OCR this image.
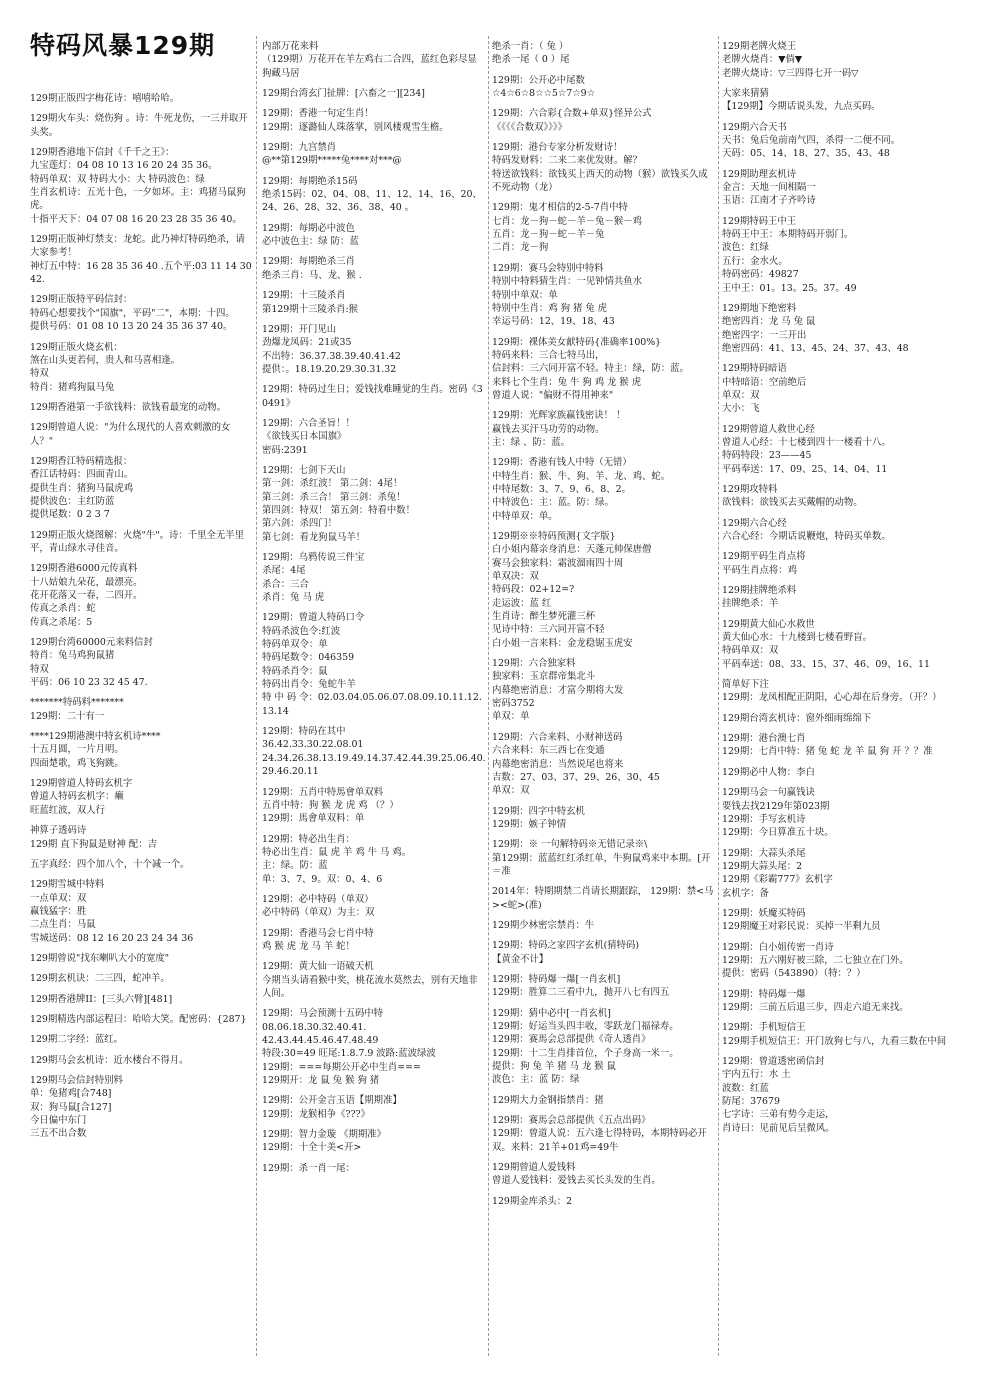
特码风暴129期

129期正版四字梅花诗：嘻嘻哈哈。

129期火车头：烧伤狗 。诗：牛死龙伤，一三并取开头奖。

129期香港地下信封《千千之王》：

九宝莲灯：04 08 10 13 16 20 24 35 36。

特码单双：双 特码大小：大 特码波色：绿

生肖玄机诗：五光十色，一夕如坏。主：鸡猪马鼠狗虎。

十指平天下：04 07 08 16 20 23 28 35 36 40。

129期正版神灯禁支：龙蛇。此乃神灯特码绝杀，请大家参考！

神灯五中特：16 28 35 36 40 .五个平:03 11 14 30 42.

129期正版特平码信封：

特码心想要找个"国旗"，平码"二"，本期：十四。

提供号码：01 08 10 13 20 24 35 36 37 40。

129期正版火烧玄机：

煞在山头更若何，贵人和马喜相逢。

特双

特肖：猪鸡狗鼠马兔

129期香港第一手欲钱料：欲钱看最宠的动物。

129期曾道人说："为什么现代的人喜欢刺激的女人？"

129期香江特码精选报：

香江话特码：四面青山。

提供生肖：猪狗马鼠虎鸡

提供波色：主红防蓝

提供尾数：0 2 3 7

129期正版火烧图解：火烧"牛"。诗：千里全无半里平，青山绿水寻佳音。

129期香港6000元传真料

十八姑娘九朵花，最漂亮。

花开花落又一春，二四开。

传真之杀肖：蛇

传真之杀尾：5

129期台湾60000元来料信封

特肖：兔马鸡狗鼠猪

特双

平码：06 10 23 32 45 47.

*******特码料*******

129期：二十有一

****129期港澳中特玄机诗****

十五月圆，一片月明。

四面楚歌，鸡飞狗跳。

129期曾道人特码玄机字

曾道人特码玄机字：癞

旺蓝红波，双人行

神算子透码诗

129期 直下狗鼠是财神 配：吉

五字真经：四个加八个，十个减一个。

129期雪城中特料

一点单双：双

赢钱猛字：胜

二点生肖：马鼠

雪城送码：08 12 16 20 23 24 34 36

129期曾说"找东喇叭大小的宽度"

129期玄机诀：二三四，蛇冲羊。

129期香港牌II：[三头六臂][481]

129期精选内部运程曰：哈哈大笑。配密码：{287}

129期二字经：蓝红。

129期马会玄机诗：近水楼台不得月。

129期马会信封特别料

单：兔猪鸡[合748]

双：狗马鼠[合127]

今日偏中东门

三五不出合数

内部万花来料

（129期）万花开在羊左鸡右二合四，蓝红色彩尽显狗藏马居

129期台湾玄门扯牌：[六畜之一][234]

129期：香港一句定生肖！

129期：逐潞仙人珠落掌，别风楼观雪生檐。

129期：九宫禁肖

@**第129期*****兔****对***@

129期：每期绝杀15码

绝杀15码：02、04、08、11、12、14、16、20、24、26、28、32、36、38、40 。

129期：每期必中波色

必中波色主：绿 防：蓝

129期：每期绝杀三肖

绝杀三肖：马、龙、猴 .

129期：十三陵杀肖

第129期十三陵杀肖:猴

129期：开门见山

劲爆龙凤码：21或35

不出特：36.37.38.39.40.41.42

提供：。18.19.20.29.30.31.32

129期：特码过生日；爱钱找难睡觉的生肖。密码《30491》

129期：六合圣旨！！

《欲钱买日本国旗》

密码:2391

129期：七剑下天山

第一剑：杀红波！ 第二剑：4尾！

第三剑：杀三合！ 第三剑：杀兔！

第四剑：特双！ 第五剑：特看中数！

第六剑：杀四门！

第七剑：看龙狗鼠马羊！

129期：乌鸦传说三件宝

杀尾：4尾

杀合：三合

杀肖：兔 马 虎

129期：曾道人特码口令

特码杀波色令:红波

特码单双令：单

特码尾数令：046359

特码杀肖令：鼠

特码出肖令：兔蛇牛羊

特 中 码 令：02.03.04.05.06.07.08.09.10.11.12.13.14

129期：特码在其中

36.42.33.30.22.08.01

24.34.26.38.13.19.49.14.37.42.44.39.25.06.40.29.46.20.11

129期：五肖中特馬會单双料

五肖中特：狗 猴 龙 虎 鸡 （？）

129期：馬會单双料：单

129期：特必出生肖：

特必出生肖：鼠 虎 羊 鸡 牛 马 鸡。

主：绿。防：蓝

单：3、7、9。双：0、4、6

129期：必中特码（单双）

必中特码（单双）为主：双

129期：香港马会七肖中特

鸡 猴 虎 龙 马 羊 蛇！

129期：黄大仙一语破天机

今期当头请看猴中奖，桃花流水莫然去，别有天地非人间。

129期：马会预测十五码中特

08.06.18.30.32.40.41.

42.43.44.45.46.47.48.49

特段:30=49 旺尾:1.8.7.9 波路:蓝波绿波

129期：===每期公开必中生肖===

129期开：龙 鼠 兔 猴 狗 猪

129期：公开金言玉语【期期准】

129期：龙猴相争《???》

129期：智力金璇 《期期准》

129期：十全十美<开>

129期：杀一肖一尾：

绝杀一肖：（ 兔 ）

绝杀一尾（ 0 ）尾

129期：公开必中尾数

☆4☆6☆8☆☆5☆7☆9☆

129期：六合彩{合数+单双}怪异公式

《《《《合数双》》》》

129期：港台专家分析发财诗！

特码发财料：二来二来优发财。解？

特送欲钱料：欲钱买上西天的动物（猴）欲钱买久成不死动物（龙）

129期：鬼才相信的2-5-7肖中特

七肖：龙－狗－蛇－羊－兔－猴－鸡

五肖：龙－狗－蛇－羊－兔

二肖：龙－狗

129期：赛马会特别中特料

特别中特料猜生肖：一见钟情共鱼水

特别中单双：单

特别中生肖：鸡 狗 猪 兔 虎

幸运号码：12、19、18、43

129期：裸体美女献特码{准确率100%}

特码来料：三合七特马出，

信封料：三六同开富不轻。特主：绿，防：蓝。

来料七个生肖：兔 牛 狗 鸡 龙 猴 虎

曾道人说："偏财不得用神来"

129期：光辉家族赢钱密诀！ ！

赢钱去买汗马功劳的动物。

主：绿 、防：蓝。

129期：香港有钱人中特（无错）

中特生肖：猴、牛、狗、羊、龙、鸡、蛇。

中特尾数：3、7、9、6、8、2。

中特波色：主：蓝。防：绿。

中特单双：单。

129期※※特码预测{文字版}

白小姐内幕亲身消息：天蓬元帅保唐僧

赛马会独家料：霜波溜雨四十周

单双决：双

特码段：02+12=?

走运波：蓝 红

生肖诗：醉生梦死灌三杯

见诗中特：三六同开富不轻

白小姐一言来料：金龙稳锯玉虎安

129期：六合独家料

独家料：玉京群帝集北斗

内幕绝密消息：才富今期将大发

密码3752

单双：单

129期：六合来料、小财神送码

六合来料：东三西七在变通

内幕绝密消息：当然说尾也将来

吉数：27、03、37、29、26、30、45

单双：双

129期：四字中特玄机

129期：嫉子钟情

129期：※ 一句解特码※无错记录※\

第129期：蓝蓝红红杀红单，牛狗鼠鸡来中本期。[开＝准

2014年：特期期禁二肖请长期跟踪， 129期：禁<马><蛇>(准)

129期少林密宗禁肖：牛

129期：特码之家四字玄机(猜特码)

【黄金不计】

129期：特码爆一爆[一肖玄机]

129期：胜算二三看中九，抛开八七有四五

129期：猜中必中[一肖玄机]

129期：好运当头四丰收，零跃龙门福禄寿。

129期：赛馬会总部提供《奇人透肖》

129期：十二生肖排首位，个子身高一米一。

提供：狗 兔 羊 猪 马 龙 猴 鼠

波色：主：蓝 防：绿

129期大力金钢指禁肖：猪

129期：赛馬会总部提供《五点出码》

129期：曾道人说：五六逢七得特码，本期特码必开双。来料：21羊+01鸡=49牛

129期曾道人爱钱料

曾道人爱钱料：爱钱去买长头发的生肖。

129期金库杀头：2

129期老牌火烧王

老牌火烧肖：▼倘▼

老牌火烧诗：▽三四得七开一码▽

大家来猜猜

【129期】今期话说头发，九点买码。

129期六合天书

天书：兔后兔前南气四，杀得一二便不同。

天码：05、14、18、27、35、43、48

129期助理玄机诗

金言：天地一间相隔一

玉语：江南才子齐吟诗

129期特码王中王

特码王中王：本期特码开弱门。

波色：红绿

五行：金水火。

特码密码：49827

王中王：01。13。25。37。49

129期地下绝密料

绝密四肖：龙 马 兔 鼠

绝密四字：一三开出

绝密四码：41、13、45、24、37、43、48

129期特码暗语

中特暗语：空前绝后

单双：双

大小：飞

129期曾道人救世心经

曾道人心经：十七楼到四十一楼看十八。

特码特段：23——45

平码奉送：17、09、25、14、04、11

129期攻特料

欲钱料：欲钱买去买戴帽的动物。

129期六合心经

六合心经：今期话说鞭炮，特码买单数。

129期平码生肖点将

平码生肖点将：鸡

129期挂牌绝杀料

挂牌绝杀：羊

129期黄大仙心水救世

黄大仙心水：十九楼到七楼看野盲。

特码单双：双

平码奉送：08、33、15、37、46、09、16、11

简单好下注

129期：龙凤相配正阴阳，心心却在后身旁。（开？）

129期台湾玄机诗：窗外细雨绵绵下

129期：港台澳七肖

129期：七肖中特：猪 兔 蛇 龙 羊 鼠 狗 开 ？？准

129期必中人物：李白

129期马会一句赢钱诀

要钱去找2129年第023期

129期：手写玄机诗

129期：今日算准五十块。

129期：大蒜头杀尾

129期大蒜头尾：2

129期《彩霸777》玄机字

玄机字：备

129期：妖魔买特码

129期魔王对彩民说：买掉一半剩九员

129期：白小姐传密一肖诗

129期：五六刚好被三除，二七独立在门外。

提供：密码（543890）（特：？）

129期：特码爆一爆

129期：三前五后退三步，四走六追无来找。

129期：手机短信王

129期手机短信王：开门放狗七与八，九看三数在中间

129期：曾道透密函信封

宇内五行：水 土

波数：红蓝

防尾：37679

七字诗：三弟有势今走运，

肖诗曰：见前见后呈微风。
